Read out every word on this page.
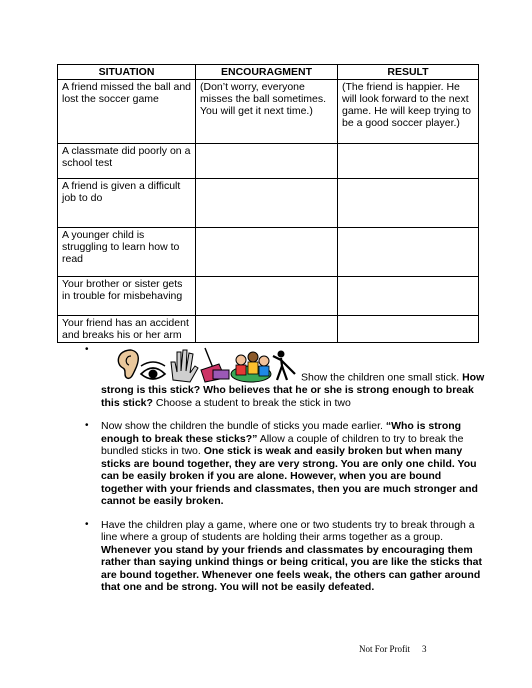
SITUATION	ENCOURAGMENT	RESULT
A friend missed the ball and lost the soccer game	(Don’t worry, everyone misses the ball sometimes. You will get it next time.)	(The friend is happier. He will look forward to the next game. He will keep trying to be a good soccer player.)
A classmate did poorly on a school test		
A friend is given a difficult job to do		
A younger child is struggling to learn how to read		
Your brother or sister gets in trouble for misbehaving		
Your friend has an accident and breaks his or her arm		
•
Show the children one small stick. How strong is this stick? Who believes that he or she is strong enough to break this stick? Choose a student to break the stick in two
• Now show the children the bundle of sticks you made earlier. “Who is strong enough to break these sticks?” Allow a couple of children to try to break the bundled sticks in two. One stick is weak and easily broken but when many sticks are bound together, they are very strong. You are only one child. You can be easily broken if you are alone. However, when you are bound together with your friends and classmates, then you are much stronger and cannot be easily broken.
• Have the children play a game, where one or two students try to break through a line where a group of students are holding their arms together as a group. Whenever you stand by your friends and classmates by encouraging them rather than saying unkind things or being critical, you are like the sticks that are bound together. Whenever one feels weak, the others can gather around that one and be strong. You will not be easily defeated.
Not For Profit 3
